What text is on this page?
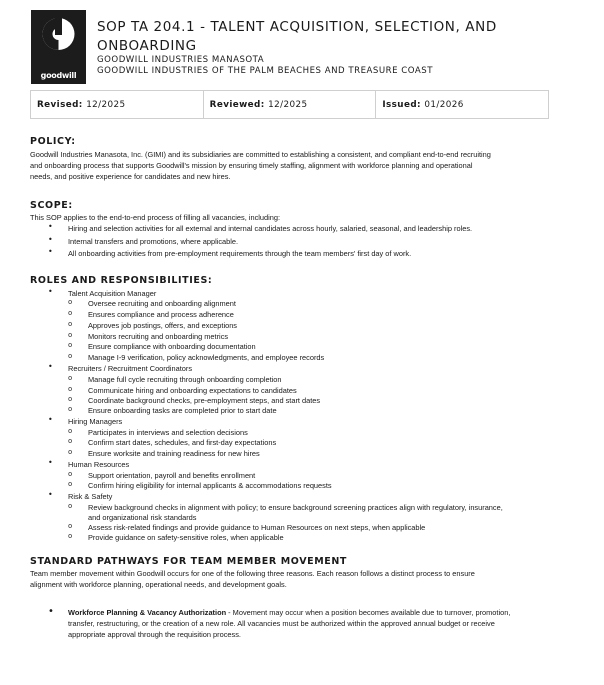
goodwill
SOP TA 204.1 - TALENT ACQUISITION, SELECTION, AND
ONBOARDING
GOODWILL INDUSTRIES MANASOTA
GOODWILL INDUSTRIES OF THE PALM BEACHES AND TREASURE COAST
Revised: 12/2025	Reviewed: 12/2025	Issued: 01/2026
POLICY:
Goodwill Industries Manasota, Inc. (GIMI) and its subsidiaries are committed to establishing a consistent, and compliant end-to-end recruiting
and onboarding process that supports Goodwill's mission by ensuring timely staffing, alignment with workforce planning and operational
needs, and positive experience for candidates and new hires.
SCOPE:
This SOP applies to the end-to-end process of filling all vacancies, including:
• Hiring and selection activities for all external and internal candidates across hourly, salaried, seasonal, and leadership roles.
• Internal transfers and promotions, where applicable.
• All onboarding activities from pre-employment requirements through the team members' first day of work.
ROLES AND RESPONSIBILITIES:
• Talent Acquisition Manager
o Oversee recruiting and onboarding alignment
o Ensures compliance and process adherence
o Approves job postings, offers, and exceptions
o Monitors recruiting and onboarding metrics
o Ensure compliance with onboarding documentation
o Manage I-9 verification, policy acknowledgments, and employee records
• Recruiters / Recruitment Coordinators
o Manage full cycle recruiting through onboarding completion
o Communicate hiring and onboarding expectations to candidates
o Coordinate background checks, pre-employment steps, and start dates
o Ensure onboarding tasks are completed prior to start date
• Hiring Managers
o Participates in interviews and selection decisions
o Confirm start dates, schedules, and first-day expectations
o Ensure worksite and training readiness for new hires
• Human Resources
o Support orientation, payroll and benefits enrollment
o Confirm hiring eligibility for internal applicants & accommodations requests
• Risk & Safety
o Review background checks in alignment with policy; to ensure background screening practices align with regulatory, insurance,
and organizational risk standards
o Assess risk-related findings and provide guidance to Human Resources on next steps, when applicable
o Provide guidance on safety-sensitive roles, when applicable
STANDARD PATHWAYS FOR TEAM MEMBER MOVEMENT
Team member movement within Goodwill occurs for one of the following three reasons. Each reason follows a distinct process to ensure
alignment with workforce planning, operational needs, and development goals.
• Workforce Planning & Vacancy Authorization - Movement may occur when a position becomes available due to turnover, promotion,
transfer, restructuring, or the creation of a new role. All vacancies must be authorized within the approved annual budget or receive
appropriate approval through the requisition process.
